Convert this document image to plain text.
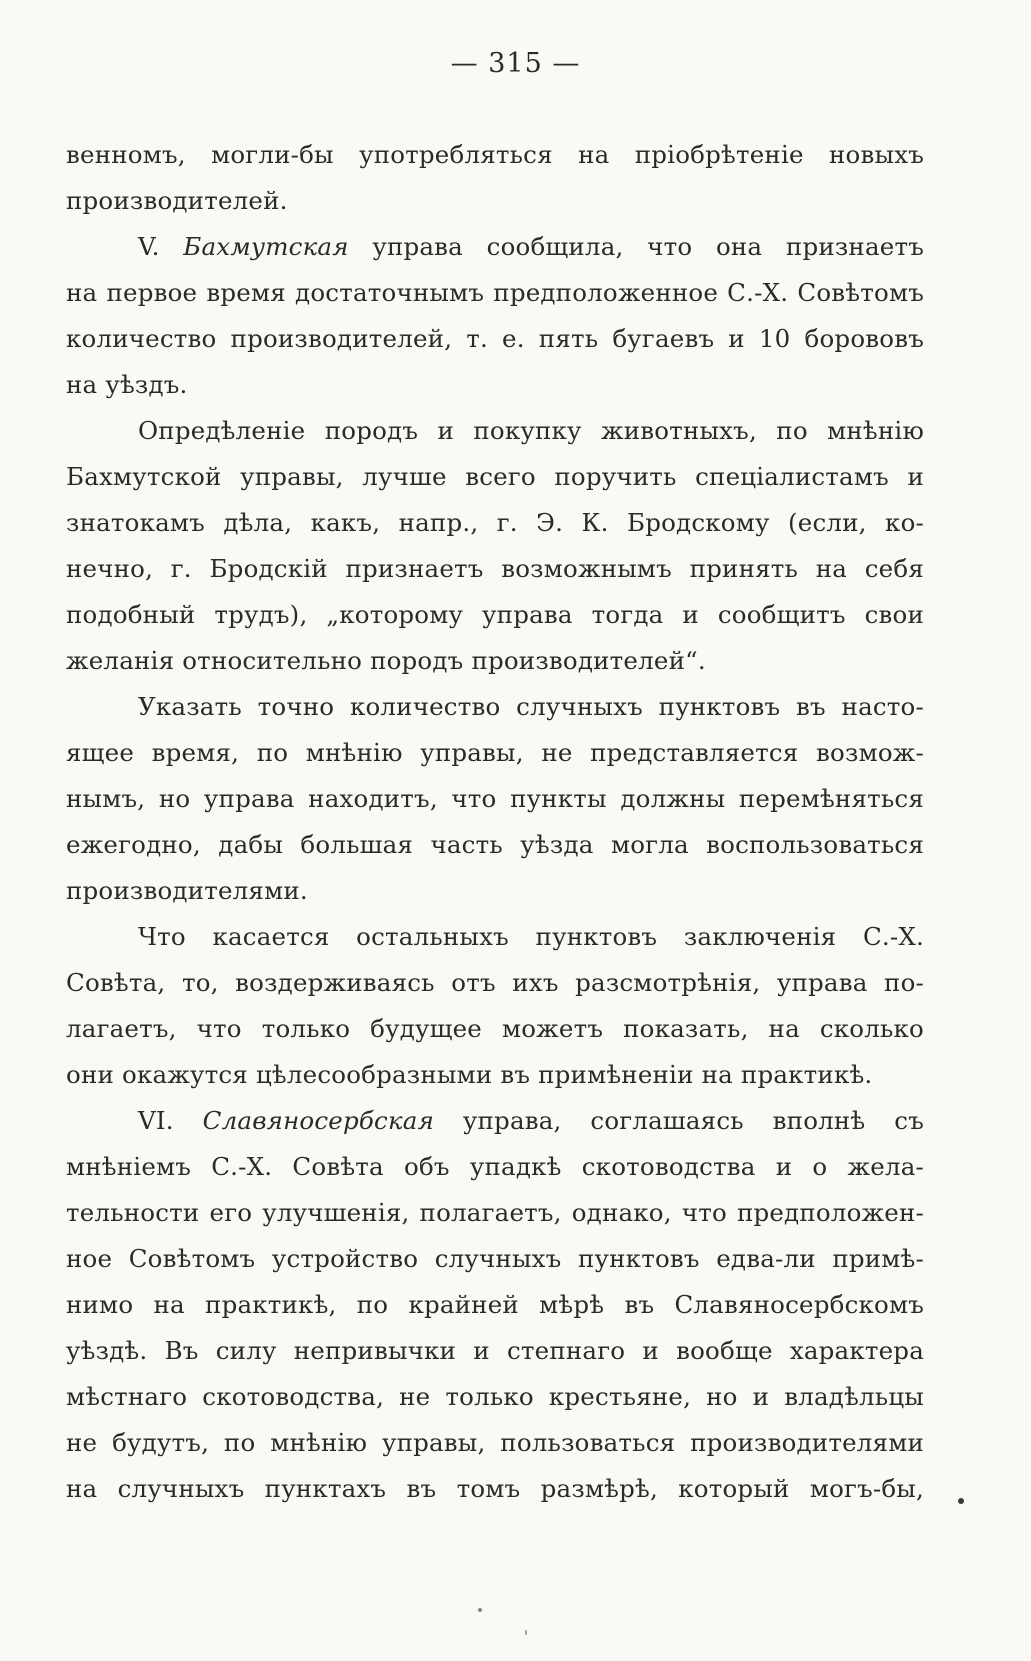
— 315 —
венномъ, могли-бы употребляться на пріобрѣтеніе новыхъ
производителей.
V. Бахмутская управа сообщила, что она признаетъ
на первое время достаточнымъ предположенное С.-Х. Совѣтомъ
количество производителей, т. е. пять бугаевъ и 10 борововъ
на уѣздъ.
Опредѣленіе породъ и покупку животныхъ, по мнѣнію
Бахмутской управы, лучше всего поручить спеціалистамъ и
знатокамъ дѣла, какъ, напр., г. Э. К. Бродскому (если, ко-
нечно, г. Бродскій признаетъ возможнымъ принять на себя
подобный трудъ), „которому управа тогда и сообщитъ свои
желанія относительно породъ производителей“.
Указать точно количество случныхъ пунктовъ въ насто-
ящее время, по мнѣнію управы, не представляется возмож-
нымъ, но управа находитъ, что пункты должны перемѣняться
ежегодно, дабы большая часть уѣзда могла воспользоваться
производителями.
Что касается остальныхъ пунктовъ заключенія С.-Х.
Совѣта, то, воздерживаясь отъ ихъ разсмотрѣнія, управа по-
лагаетъ, что только будущее можетъ показать, на сколько
они окажутся цѣлесообразными въ примѣненіи на практикѣ.
VI. Славяносербская управа, соглашаясь вполнѣ съ
мнѣніемъ С.-Х. Совѣта объ упадкѣ скотоводства и о жела-
тельности его улучшенія, полагаетъ, однако, что предположен-
ное Совѣтомъ устройство случныхъ пунктовъ едва-ли примѣ-
нимо на практикѣ, по крайней мѣрѣ въ Славяносербскомъ
уѣздѣ. Въ силу непривычки и степнаго и вообще характера
мѣстнаго скотоводства, не только крестьяне, но и владѣльцы
не будутъ, по мнѣнію управы, пользоваться производителями
на случныхъ пунктахъ въ томъ размѣрѣ, который могъ-бы,
